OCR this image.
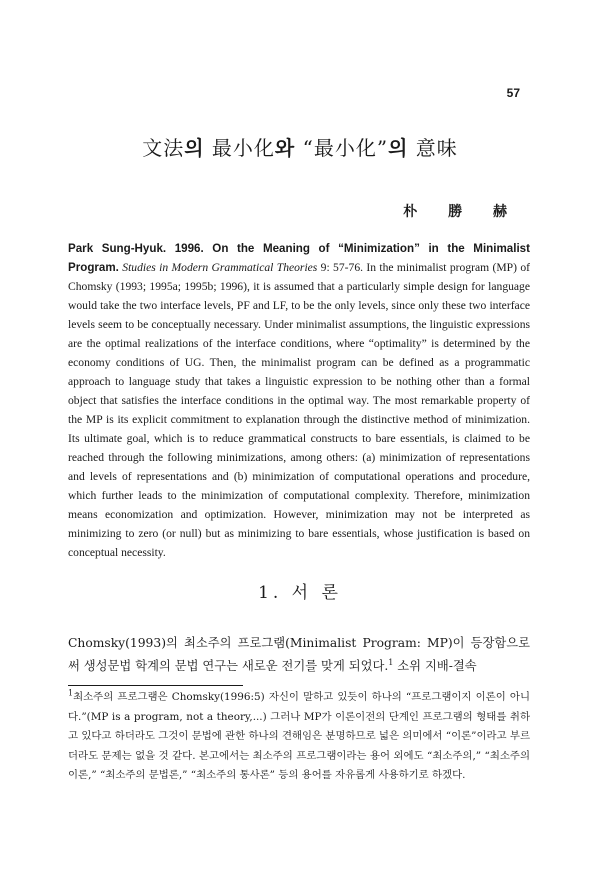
57
文法의 最小化와 “最小化”의 意味
朴 勝 赫
Park Sung-Hyuk. 1996. On the Meaning of “Minimization” in the Minimalist Program. Studies in Modern Grammatical Theories 9: 57-76. In the minimalist program (MP) of Chomsky (1993; 1995a; 1995b; 1996), it is assumed that a particularly simple design for language would take the two interface levels, PF and LF, to be the only levels, since only these two interface levels seem to be conceptually necessary. Under minimalist assumptions, the linguistic expressions are the optimal realizations of the interface conditions, where “optimality” is determined by the economy conditions of UG. Then, the minimalist program can be defined as a programmatic approach to language study that takes a linguistic expression to be nothing other than a formal object that satisfies the interface conditions in the optimal way. The most remarkable property of the MP is its explicit commitment to explanation through the distinctive method of minimization. Its ultimate goal, which is to reduce grammatical constructs to bare essentials, is claimed to be reached through the following minimizations, among others: (a) minimization of representations and levels of representations and (b) minimization of computational operations and procedure, which further leads to the minimization of computational complexity. Therefore, minimization means economization and optimization. However, minimization may not be interpreted as minimizing to zero (or null) but as minimizing to bare essentials, whose justification is based on conceptual necessity.
1. 서 론
Chomsky(1993)의 최소주의 프로그램(Minimalist Program: MP)이 등장함으로써 생성문법 학계의 문법 연구는 새로운 전기를 맞게 되었다.$^1$ 소위 지배-결속
$^1$최소주의 프로그램은 Chomsky(1996:5) 자신이 말하고 있듯이 하나의 “프로그램이지 이론이 아니다.”(MP is a program, not a theory,...) 그러나 MP가 이론이전의 단계인 프로그램의 형태를 취하고 있다고 하더라도 그것이 문법에 관한 하나의 견해임은 분명하므로 넓은 의미에서 “이론”이라고 부르더라도 문제는 없을 것 같다. 본고에서는 최소주의 프로그램이라는 용어 외에도 “최소주의,” “최소주의 이론,” “최소주의 문법론,” “최소주의 통사론” 등의 용어를 자유롭게 사용하기로 하겠다.
